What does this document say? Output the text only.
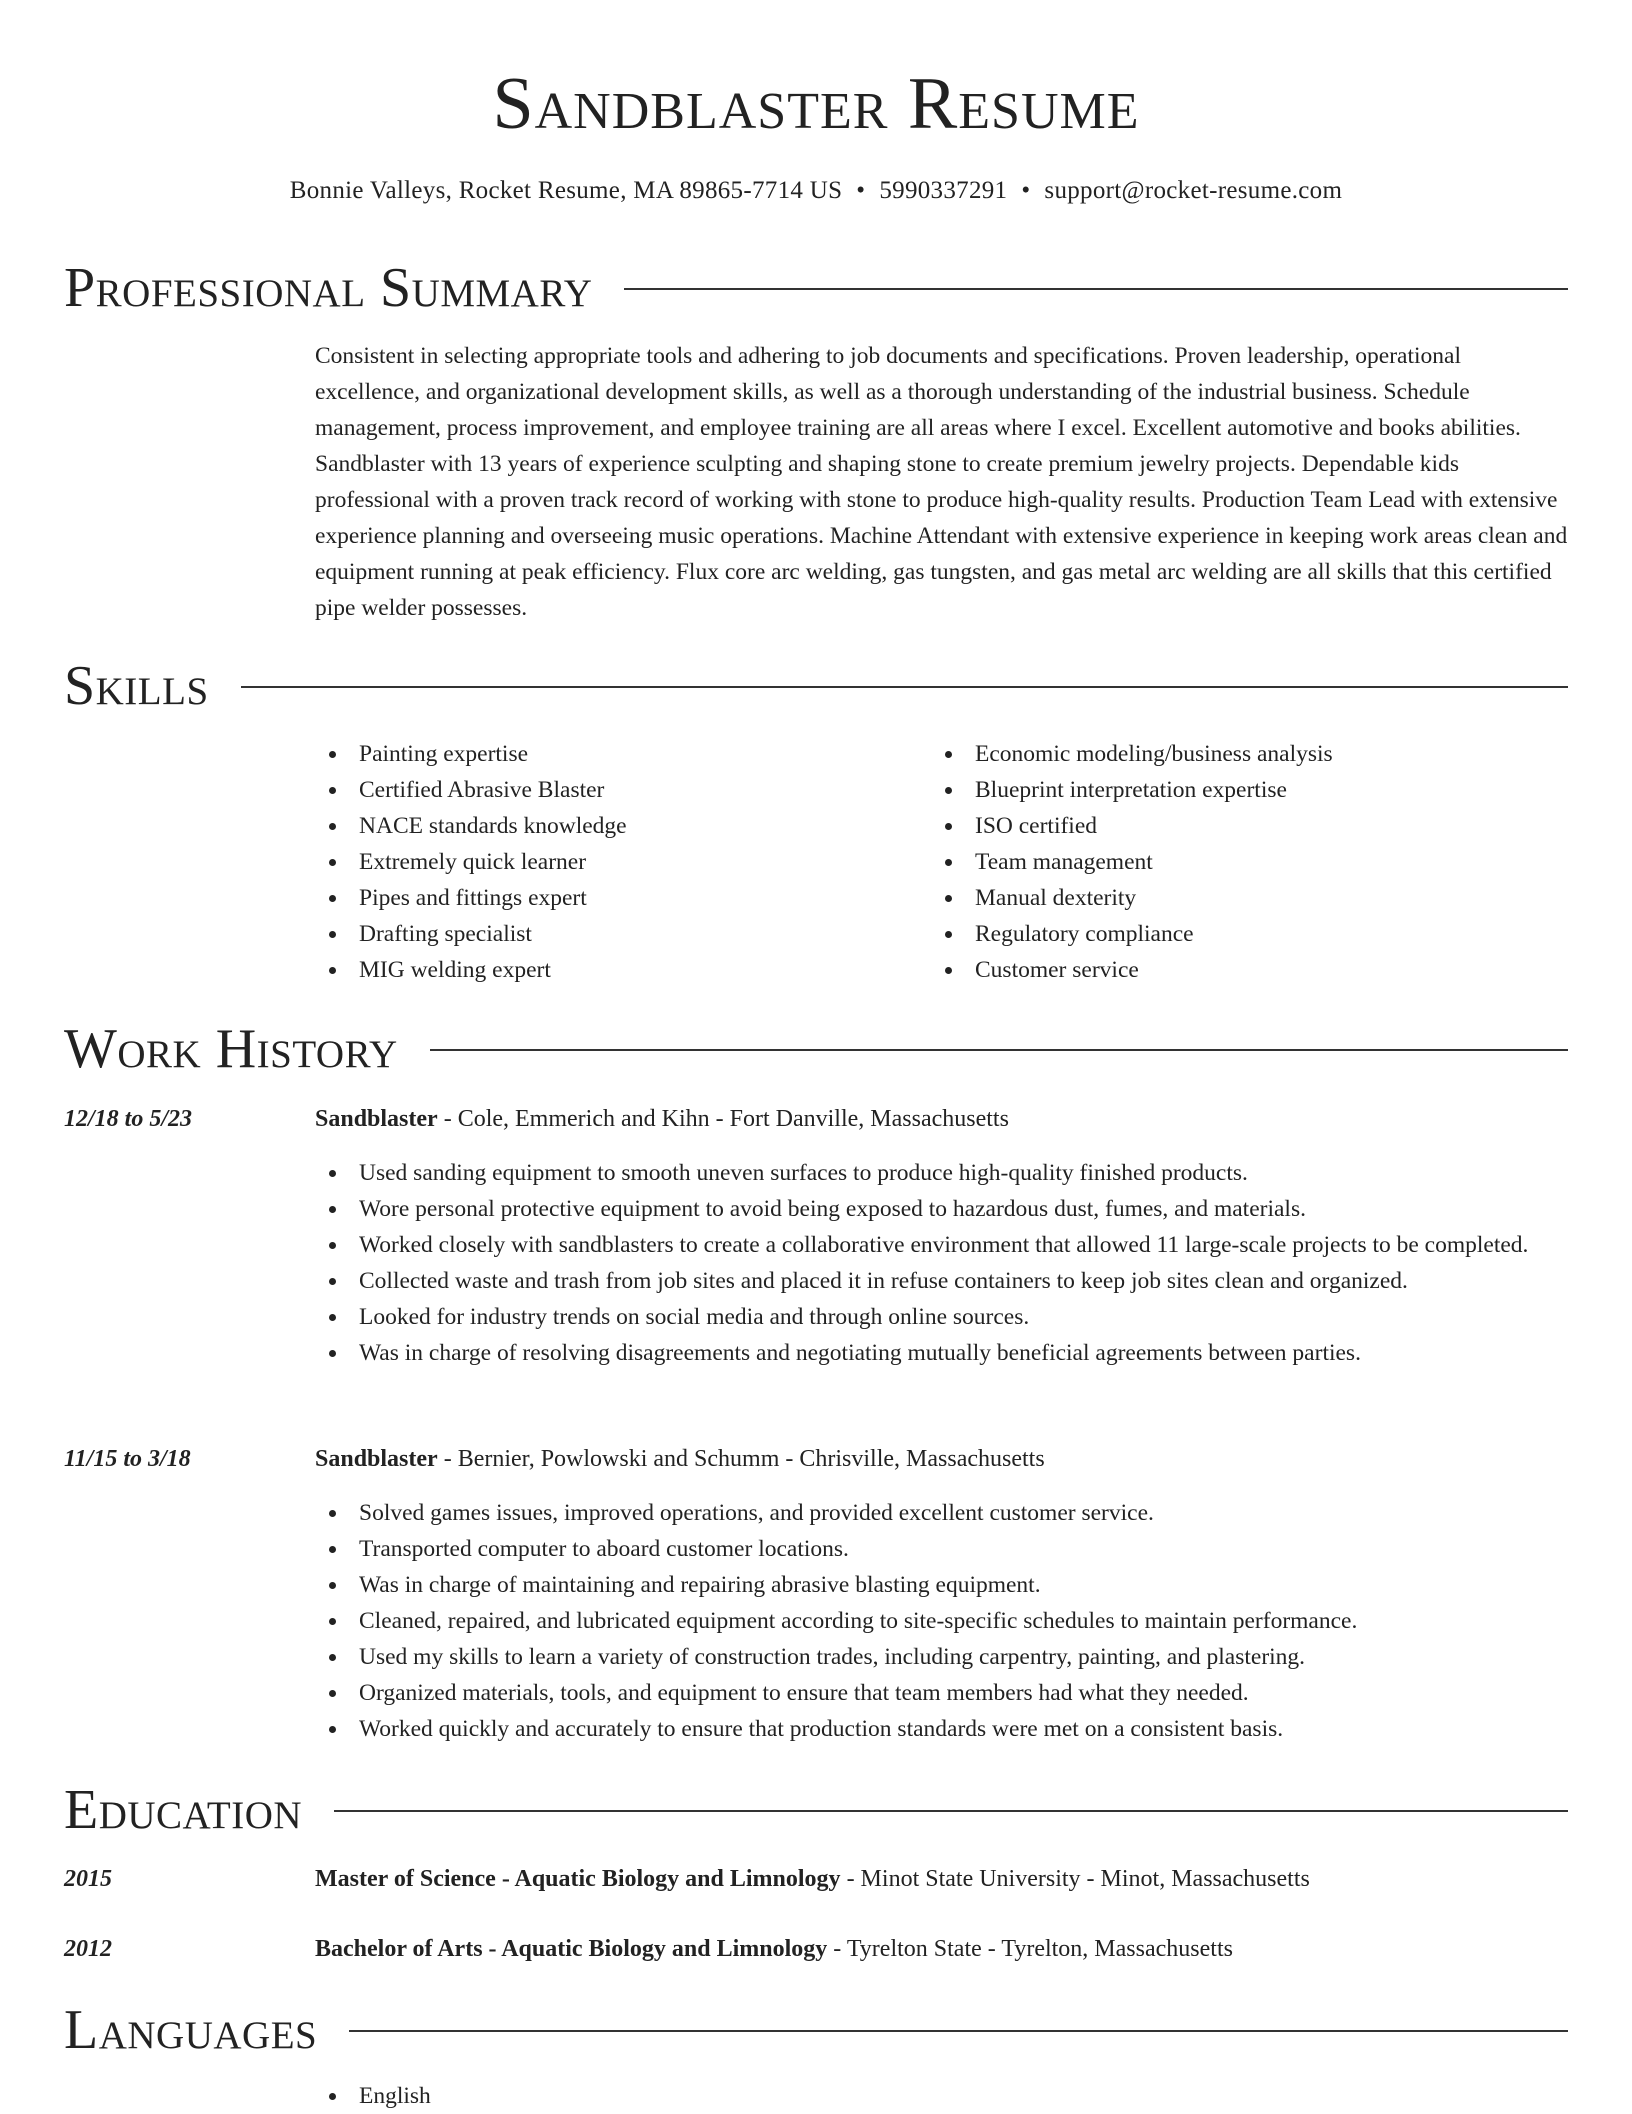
Sandblaster Resume
Bonnie Valleys, Rocket Resume, MA 89865-7714 US • 5990337291 • support@rocket-resume.com
Professional Summary
Consistent in selecting appropriate tools and adhering to job documents and specifications. Proven leadership, operational excellence, and organizational development skills, as well as a thorough understanding of the industrial business. Schedule management, process improvement, and employee training are all areas where I excel. Excellent automotive and books abilities. Sandblaster with 13 years of experience sculpting and shaping stone to create premium jewelry projects. Dependable kids professional with a proven track record of working with stone to produce high-quality results. Production Team Lead with extensive experience planning and overseeing music operations. Machine Attendant with extensive experience in keeping work areas clean and equipment running at peak efficiency. Flux core arc welding, gas tungsten, and gas metal arc welding are all skills that this certified pipe welder possesses.
Skills
Painting expertise
Certified Abrasive Blaster
NACE standards knowledge
Extremely quick learner
Pipes and fittings expert
Drafting specialist
MIG welding expert
Economic modeling/business analysis
Blueprint interpretation expertise
ISO certified
Team management
Manual dexterity
Regulatory compliance
Customer service
Work History
12/18 to 5/23	Sandblaster - Cole, Emmerich and Kihn - Fort Danville, Massachusetts
Used sanding equipment to smooth uneven surfaces to produce high-quality finished products.
Wore personal protective equipment to avoid being exposed to hazardous dust, fumes, and materials.
Worked closely with sandblasters to create a collaborative environment that allowed 11 large-scale projects to be completed.
Collected waste and trash from job sites and placed it in refuse containers to keep job sites clean and organized.
Looked for industry trends on social media and through online sources.
Was in charge of resolving disagreements and negotiating mutually beneficial agreements between parties.
11/15 to 3/18	Sandblaster - Bernier, Powlowski and Schumm - Chrisville, Massachusetts
Solved games issues, improved operations, and provided excellent customer service.
Transported computer to aboard customer locations.
Was in charge of maintaining and repairing abrasive blasting equipment.
Cleaned, repaired, and lubricated equipment according to site-specific schedules to maintain performance.
Used my skills to learn a variety of construction trades, including carpentry, painting, and plastering.
Organized materials, tools, and equipment to ensure that team members had what they needed.
Worked quickly and accurately to ensure that production standards were met on a consistent basis.
Education
2015	Master of Science - Aquatic Biology and Limnology - Minot State University - Minot, Massachusetts
2012	Bachelor of Arts - Aquatic Biology and Limnology - Tyrelton State - Tyrelton, Massachusetts
Languages
English
